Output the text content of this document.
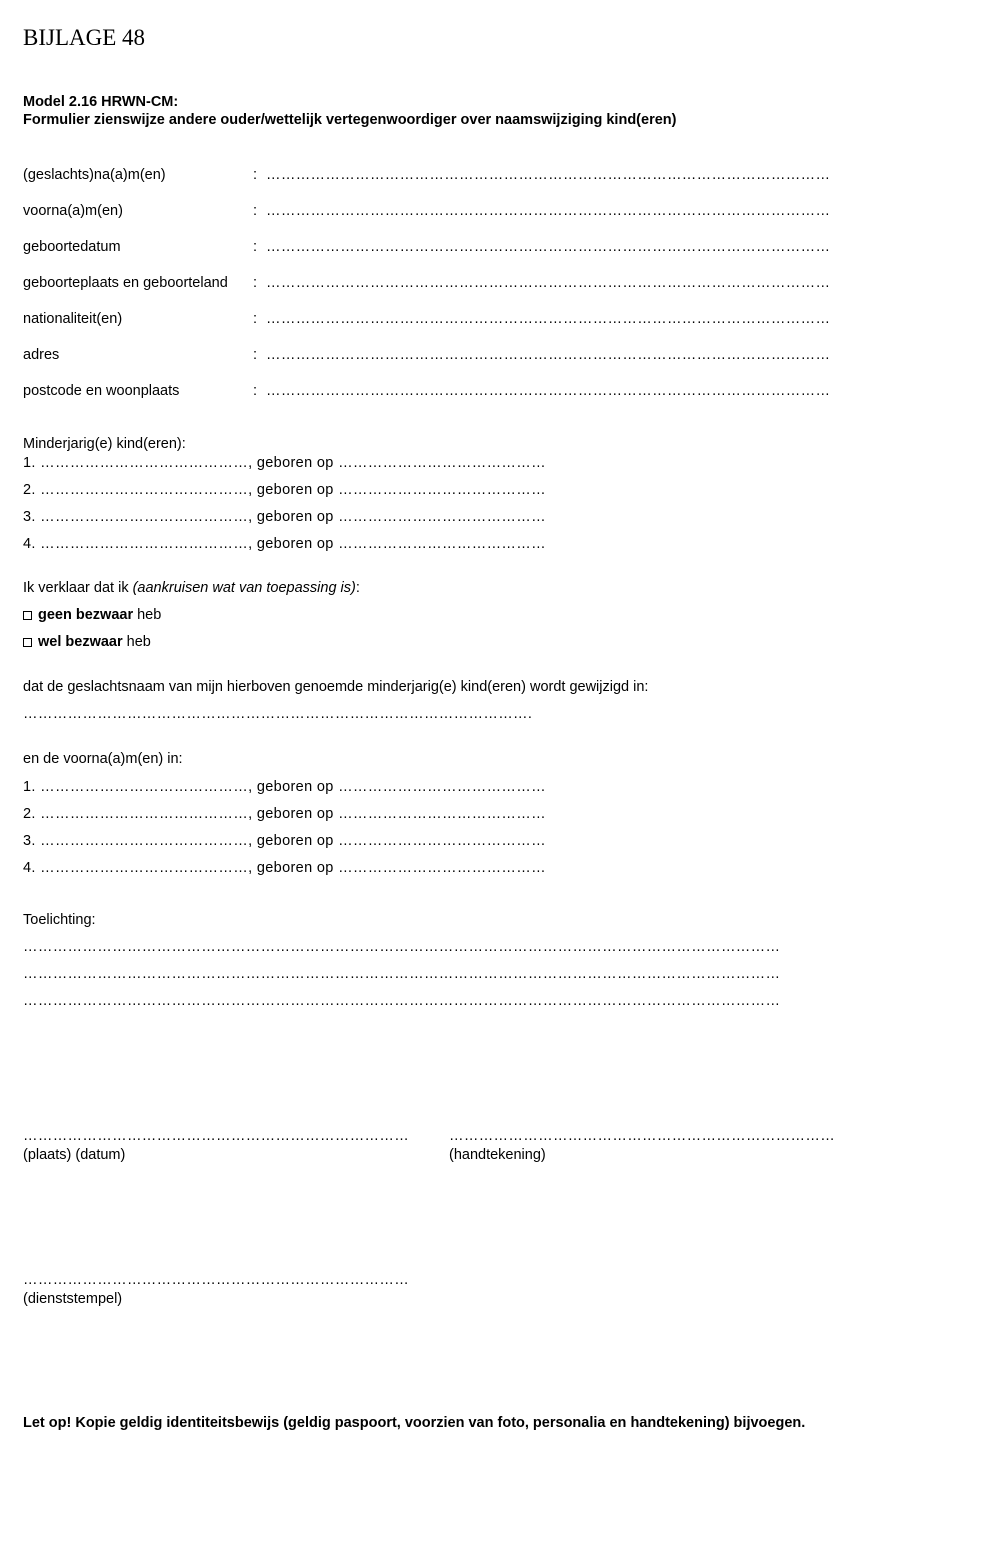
BIJLAGE 48
Model 2.16 HRWN-CM:
Formulier zienswijze andere ouder/wettelijk vertegenwoordiger over naamswijziging kind(eren)
(geslachts)na(a)m(en)	: ……………………………………………………………………………………………………
voorna(a)m(en)	: ……………………………………………………………………………………………………
geboortedatum	: ……………………………………………………………………………………………………
geboorteplaats en geboorteland : ……………………………………………………………………………………………………
nationaliteit(en)	: ……………………………………………………………………………………………………
adres	: ……………………………………………………………………………………………………
postcode en woonplaats	: ……………………………………………………………………………………………………
Minderjarig(e) kind(eren):
1. ……………………………………, geboren op ……………………………………
2. ……………………………………, geboren op ……………………………………
3. ……………………………………, geboren op ……………………………………
4. ……………………………………, geboren op ……………………………………
Ik verklaar dat ik (aankruisen wat van toepassing is):
geen bezwaar heb
wel bezwaar heb
dat de geslachtsnaam van mijn hierboven genoemde minderjarig(e) kind(eren) wordt gewijzigd in:
………………………………………………………………………………………….
en de voorna(a)m(en) in:
1. ……………………………………, geboren op ……………………………………
2. ……………………………………, geboren op ……………………………………
3. ……………………………………, geboren op ……………………………………
4. ……………………………………, geboren op ……………………………………
Toelichting:
………………………………………………………………………………………………………………………………………
………………………………………………………………………………………………………………………………………
………………………………………………………………………………………………………………………………………
……………………………………………………………………
(plaats) (datum)
……………………………………………………………………
(handtekening)
……………………………………………………………………
(dienststempel)
Let op! Kopie geldig identiteitsbewijs (geldig paspoort, voorzien van foto, personalia en handtekening) bijvoegen.
